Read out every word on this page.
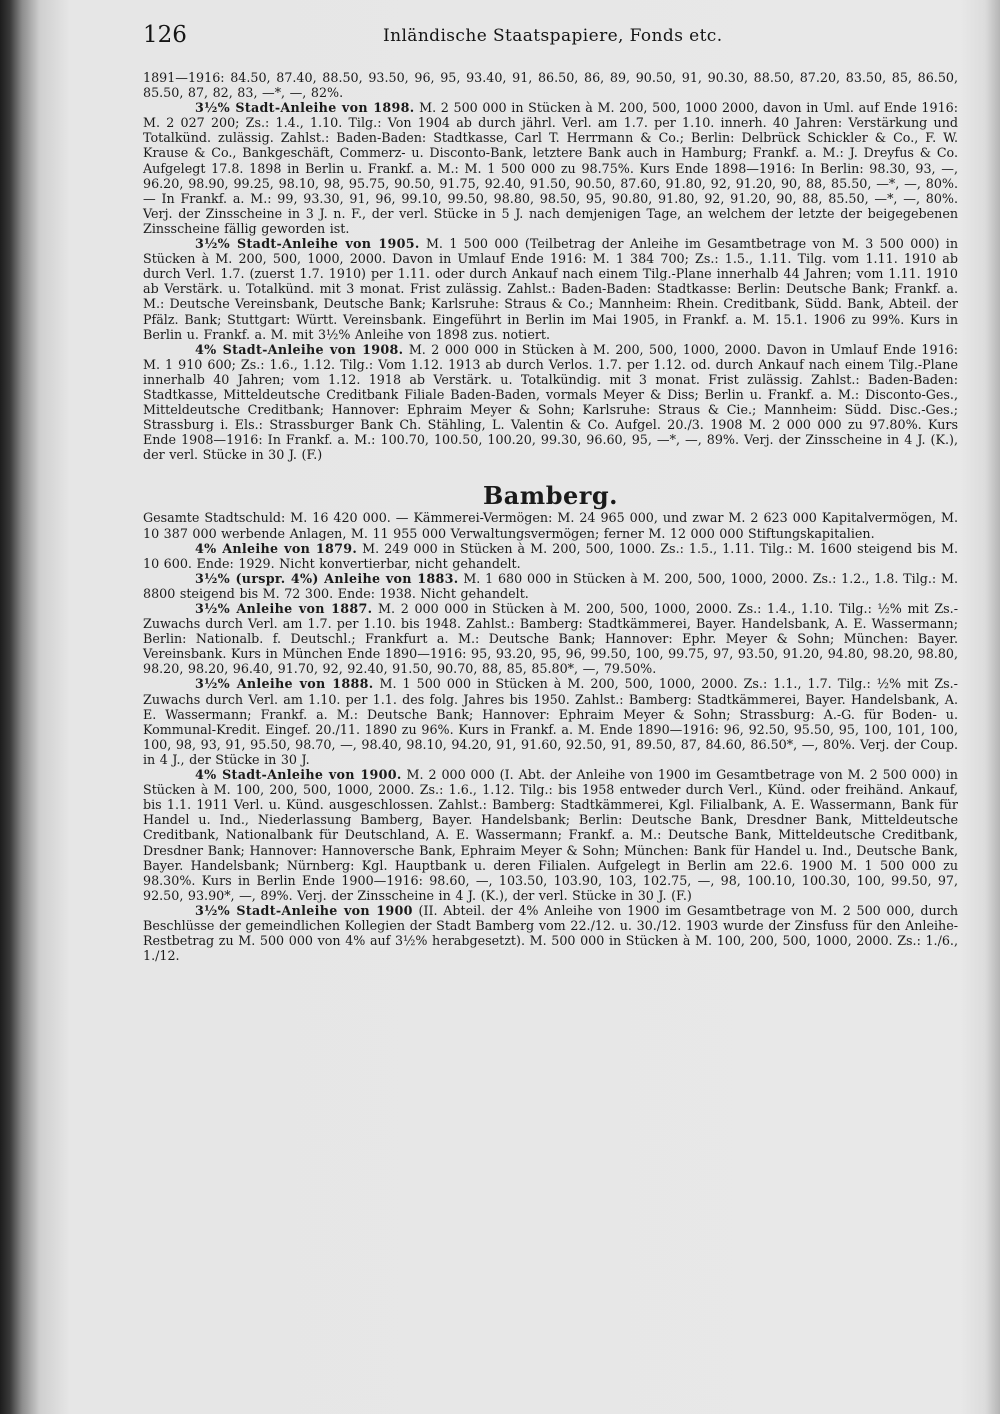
126	Inländische Staatspapiere, Fonds etc.

1891—1916: 84.50, 87.40, 88.50, 93.50, 96, 95, 93.40, 91, 86.50, 86, 89, 90.50, 91, 90.30, 88.50, 87.20, 83.50, 85, 86.50, 85.50, 87, 82, 83, —*, —, 82%.

3½% Stadt-Anleihe von 1898. M. 2 500 000 in Stücken à M. 200, 500, 1000 2000, davon in Uml. auf Ende 1916: M. 2 027 200; Zs.: 1.4., 1.10. Tilg.: Von 1904 ab durch jährl. Verl. am 1.7. per 1.10. innerh. 40 Jahren: Verstärkung und Totalkünd. zulässig. Zahlst.: Baden-Baden: Stadtkasse, Carl T. Herrmann & Co.; Berlin: Delbrück Schickler & Co., F. W. Krause & Co., Bankgeschäft, Commerz- u. Disconto-Bank, letztere Bank auch in Hamburg; Frankf. a. M.: J. Dreyfus & Co. Aufgelegt 17.8. 1898 in Berlin u. Frankf. a. M.: M. 1 500 000 zu 98.75%. Kurs Ende 1898—1916: In Berlin: 98.30, 93, —, 96.20, 98.90, 99.25, 98.10, 98, 95.75, 90.50, 91.75, 92.40, 91.50, 90.50, 87.60, 91.80, 92, 91.20, 90, 88, 85.50, —*, —, 80%. — In Frankf. a. M.: 99, 93.30, 91, 96, 99.10, 99.50, 98.80, 98.50, 95, 90.80, 91.80, 92, 91.20, 90, 88, 85.50, —*, —, 80%. Verj. der Zinsscheine in 3 J. n. F., der verl. Stücke in 5 J. nach demjenigen Tage, an welchem der letzte der beigegebenen Zinsscheine fällig geworden ist.

3½% Stadt-Anleihe von 1905. M. 1 500 000 (Teilbetrag der Anleihe im Gesamtbetrage von M. 3 500 000) in Stücken à M. 200, 500, 1000, 2000. Davon in Umlauf Ende 1916: M. 1 384 700; Zs.: 1.5., 1.11. Tilg. vom 1.11. 1910 ab durch Verl. 1.7. (zuerst 1.7. 1910) per 1.11. oder durch Ankauf nach einem Tilg.-Plane innerhalb 44 Jahren; vom 1.11. 1910 ab Verstärk. u. Totalkünd. mit 3 monat. Frist zulässig. Zahlst.: Baden-Baden: Stadtkasse: Berlin: Deutsche Bank; Frankf. a. M.: Deutsche Vereinsbank, Deutsche Bank; Karlsruhe: Straus & Co.; Mannheim: Rhein. Creditbank, Südd. Bank, Abteil. der Pfälz. Bank; Stuttgart: Württ. Vereinsbank. Eingeführt in Berlin im Mai 1905, in Frankf. a. M. 15.1. 1906 zu 99%. Kurs in Berlin u. Frankf. a. M. mit 3½% Anleihe von 1898 zus. notiert.

4% Stadt-Anleihe von 1908. M. 2 000 000 in Stücken à M. 200, 500, 1000, 2000. Davon in Umlauf Ende 1916: M. 1 910 600; Zs.: 1.6., 1.12. Tilg.: Vom 1.12. 1913 ab durch Verlos. 1.7. per 1.12. od. durch Ankauf nach einem Tilg.-Plane innerhalb 40 Jahren; vom 1.12. 1918 ab Verstärk. u. Totalkündig. mit 3 monat. Frist zulässig. Zahlst.: Baden-Baden: Stadtkasse, Mitteldeutsche Creditbank Filiale Baden-Baden, vormals Meyer & Diss; Berlin u. Frankf. a. M.: Disconto-Ges., Mitteldeutsche Creditbank; Hannover: Ephraim Meyer & Sohn; Karlsruhe: Straus & Cie.; Mannheim: Südd. Disc.-Ges.; Strassburg i. Els.: Strassburger Bank Ch. Stähling, L. Valentin & Co. Aufgel. 20./3. 1908 M. 2 000 000 zu 97.80%. Kurs Ende 1908—1916: In Frankf. a. M.: 100.70, 100.50, 100.20, 99.30, 96.60, 95, —*, —, 89%. Verj. der Zinsscheine in 4 J. (K.), der verl. Stücke in 30 J. (F.)

Bamberg.

Gesamte Stadtschuld: M. 16 420 000. — Kämmerei-Vermögen: M. 24 965 000, und zwar M. 2 623 000 Kapitalvermögen, M. 10 387 000 werbende Anlagen, M. 11 955 000 Verwaltungsvermögen; ferner M. 12 000 000 Stiftungskapitalien.

4% Anleihe von 1879. M. 249 000 in Stücken à M. 200, 500, 1000. Zs.: 1.5., 1.11. Tilg.: M. 1600 steigend bis M. 10 600. Ende: 1929. Nicht konvertierbar, nicht gehandelt.

3½% (urspr. 4%) Anleihe von 1883. M. 1 680 000 in Stücken à M. 200, 500, 1000, 2000. Zs.: 1.2., 1.8. Tilg.: M. 8800 steigend bis M. 72 300. Ende: 1938. Nicht gehandelt.

3½% Anleihe von 1887. M. 2 000 000 in Stücken à M. 200, 500, 1000, 2000. Zs.: 1.4., 1.10. Tilg.: ½% mit Zs.-Zuwachs durch Verl. am 1.7. per 1.10. bis 1948. Zahlst.: Bamberg: Stadtkämmerei, Bayer. Handelsbank, A. E. Wassermann; Berlin: Nationalb. f. Deutschl.; Frankfurt a. M.: Deutsche Bank; Hannover: Ephr. Meyer & Sohn; München: Bayer. Vereinsbank. Kurs in München Ende 1890—1916: 95, 93.20, 95, 96, 99.50, 100, 99.75, 97, 93.50, 91.20, 94.80, 98.20, 98.80, 98.20, 98.20, 96.40, 91.70, 92, 92.40, 91.50, 90.70, 88, 85, 85.80*, —, 79.50%.

3½% Anleihe von 1888. M. 1 500 000 in Stücken à M. 200, 500, 1000, 2000. Zs.: 1.1., 1.7. Tilg.: ½% mit Zs.-Zuwachs durch Verl. am 1.10. per 1.1. des folg. Jahres bis 1950. Zahlst.: Bamberg: Stadtkämmerei, Bayer. Handelsbank, A. E. Wassermann; Frankf. a. M.: Deutsche Bank; Hannover: Ephraim Meyer & Sohn; Strassburg: A.-G. für Boden- u. Kommunal-Kredit. Eingef. 20./11. 1890 zu 96%. Kurs in Frankf. a. M. Ende 1890—1916: 96, 92.50, 95.50, 95, 100, 101, 100, 100, 98, 93, 91, 95.50, 98.70, —, 98.40, 98.10, 94.20, 91, 91.60, 92.50, 91, 89.50, 87, 84.60, 86.50*, —, 80%. Verj. der Coup. in 4 J., der Stücke in 30 J.

4% Stadt-Anleihe von 1900. M. 2 000 000 (I. Abt. der Anleihe von 1900 im Gesamtbetrage von M. 2 500 000) in Stücken à M. 100, 200, 500, 1000, 2000. Zs.: 1.6., 1.12. Tilg.: bis 1958 entweder durch Verl., Künd. oder freihänd. Ankauf, bis 1.1. 1911 Verl. u. Künd. ausgeschlossen. Zahlst.: Bamberg: Stadtkämmerei, Kgl. Filialbank, A. E. Wassermann, Bank für Handel u. Ind., Niederlassung Bamberg, Bayer. Handelsbank; Berlin: Deutsche Bank, Dresdner Bank, Mitteldeutsche Creditbank, Nationalbank für Deutschland, A. E. Wassermann; Frankf. a. M.: Deutsche Bank, Mitteldeutsche Creditbank, Dresdner Bank; Hannover: Hannoversche Bank, Ephraim Meyer & Sohn; München: Bank für Handel u. Ind., Deutsche Bank, Bayer. Handelsbank; Nürnberg: Kgl. Hauptbank u. deren Filialen. Aufgelegt in Berlin am 22.6. 1900 M. 1 500 000 zu 98.30%. Kurs in Berlin Ende 1900—1916: 98.60, —, 103.50, 103.90, 103, 102.75, —, 98, 100.10, 100.30, 100, 99.50, 97, 92.50, 93.90*, —, 89%. Verj. der Zinsscheine in 4 J. (K.), der verl. Stücke in 30 J. (F.)

3½% Stadt-Anleihe von 1900 (II. Abteil. der 4% Anleihe von 1900 im Gesamtbetrage von M. 2 500 000, durch Beschlüsse der gemeindlichen Kollegien der Stadt Bamberg vom 22./12. u. 30./12. 1903 wurde der Zinsfuss für den Anleihe-Restbetrag zu M. 500 000 von 4% auf 3½% herabgesetzt). M. 500 000 in Stücken à M. 100, 200, 500, 1000, 2000. Zs.: 1./6., 1./12.
